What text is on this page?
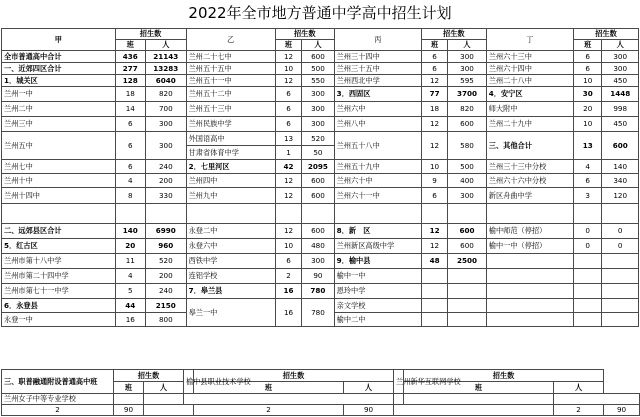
2022年全市地方普通中学高中招生计划
甲	招生数		乙	招生数		丙	招生数		丁	招生数	
	班	人		班	人		班	人		班	人
全市普通高中合计	436	21143	兰州二十七中	12	600	兰州三十四中	6	300	兰州六十三中	6	300
一、近郊四区合计	277	13283	兰州五十五中	10	500	兰州三十五中	6	300	兰州六十四中	6	300
1．城关区	128	6040	兰州五十一中	12	550	兰州西北中学	12	595	兰州二十八中	10	450
兰州一中	18	820	兰州五十二中	6	300	3．西固区	77	3700	4．安宁区	30	1448
兰州二中	14	700	兰州五十三中	6	300	兰州六中	18	820	师大附中	20	998
兰州三中	6	300	兰州民族中学	6	300	兰州八中	12	600	兰州二十九中	10	450
兰州五中	6	300	外国语高中	13	520	兰州五十八中	12	580	三、其他合计	13	600
			甘肃省体育中学	1	50						
兰州七中	6	240	2．七里河区	42	2095	兰州五十九中	10	500	兰州三十三中分校	4	140
兰州十中	4	200	兰州四中	12	600	兰州六十中	9	400	兰州六十六中分校	6	340
兰州十四中	8	330	兰州九中	12	600	兰州六十一中	6	300	新区舟曲中学	3	120

二、远郊县区合计	140	6990	永登二中	12	600	8．新　区	12	600	榆中师范（停招）	0	0
5．红古区	20	960	永登六中	10	480	兰州新区高级中学	12	600	榆中一中（停招）	0	0
兰州市第十八中学	11	520	西铁中学	6	300	9．榆中县	48	2500			
兰州市第二十四中学	4	200	连铝学校	2	90	榆中一中					
兰州市第七十一中学	5	240	7．皋兰县	16	780	恩玲中学					
6．永登县	44	2150	皋兰一中	16	780	亲文学校					
永登一中	16	800				榆中二中					
三、职普融通附设普通高中班	招生数		榆中县职业技术学校	招生数		兰州新华互联网学校	招生数			
	班	人		班	人		班	人		
兰州女子中等专业学校										
2	90			2	90			2	90	
